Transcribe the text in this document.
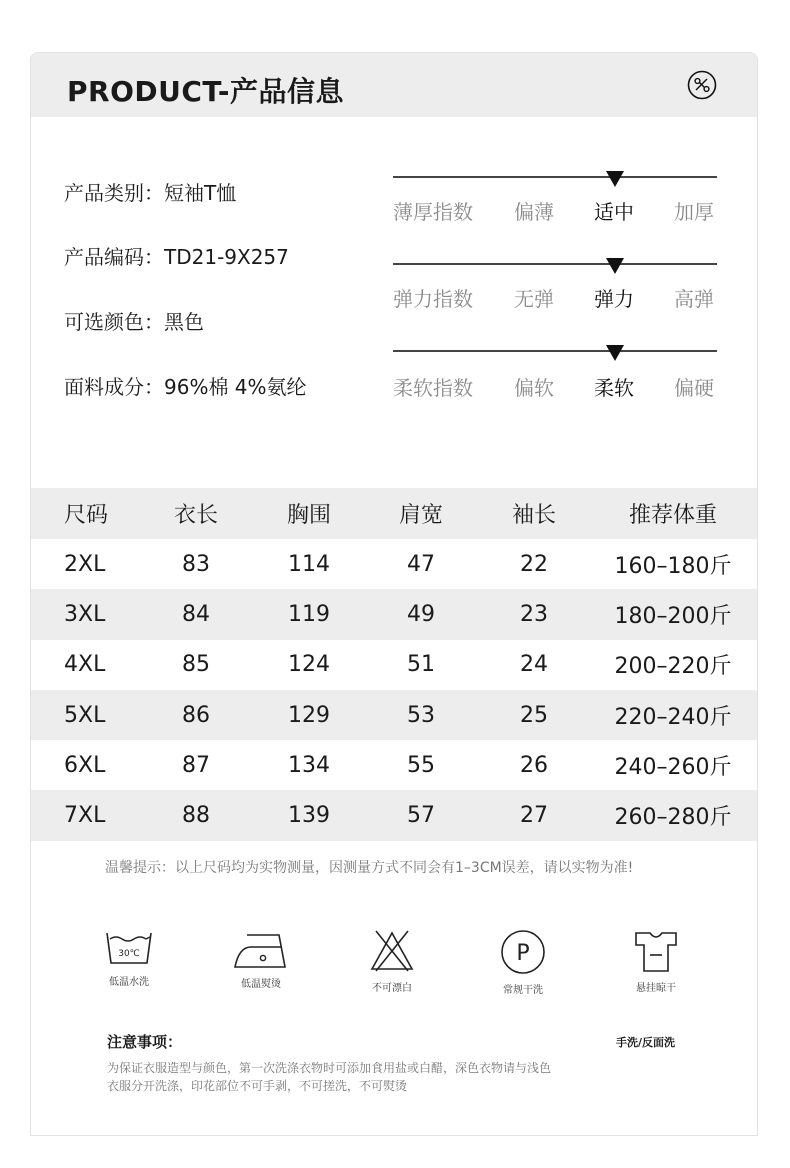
PRODUCT-产品信息
产品类别：短袖T恤
产品编码：TD21-9X257
可选颜色：黑色
面料成分：96%棉 4%氨纶
薄厚指数 偏薄 适中 加厚
弹力指数 无弹 弹力 高弹
柔软指数 偏软 柔软 偏硬
尺码	衣长	胸围	肩宽	袖长	推荐体重
2XL	83	114	47	22	160–180斤
3XL	84	119	49	23	180–200斤
4XL	85	124	51	24	200–220斤
5XL	86	129	53	25	220–240斤
6XL	87	134	55	26	240–260斤
7XL	88	139	57	27	260–280斤
温馨提示：以上尺码均为实物测量，因测量方式不同会有1–3CM误差，请以实物为准!
30℃
低温水洗	低温熨烫	不可漂白
P
常规干洗	悬挂晾干
注意事项：	手洗/反面洗
为保证衣服造型与颜色，第一次洗涤衣物时可添加食用盐或白醋，深色衣物请与浅色
衣服分开洗涤，印花部位不可手剥，不可搓洗，不可熨烫
